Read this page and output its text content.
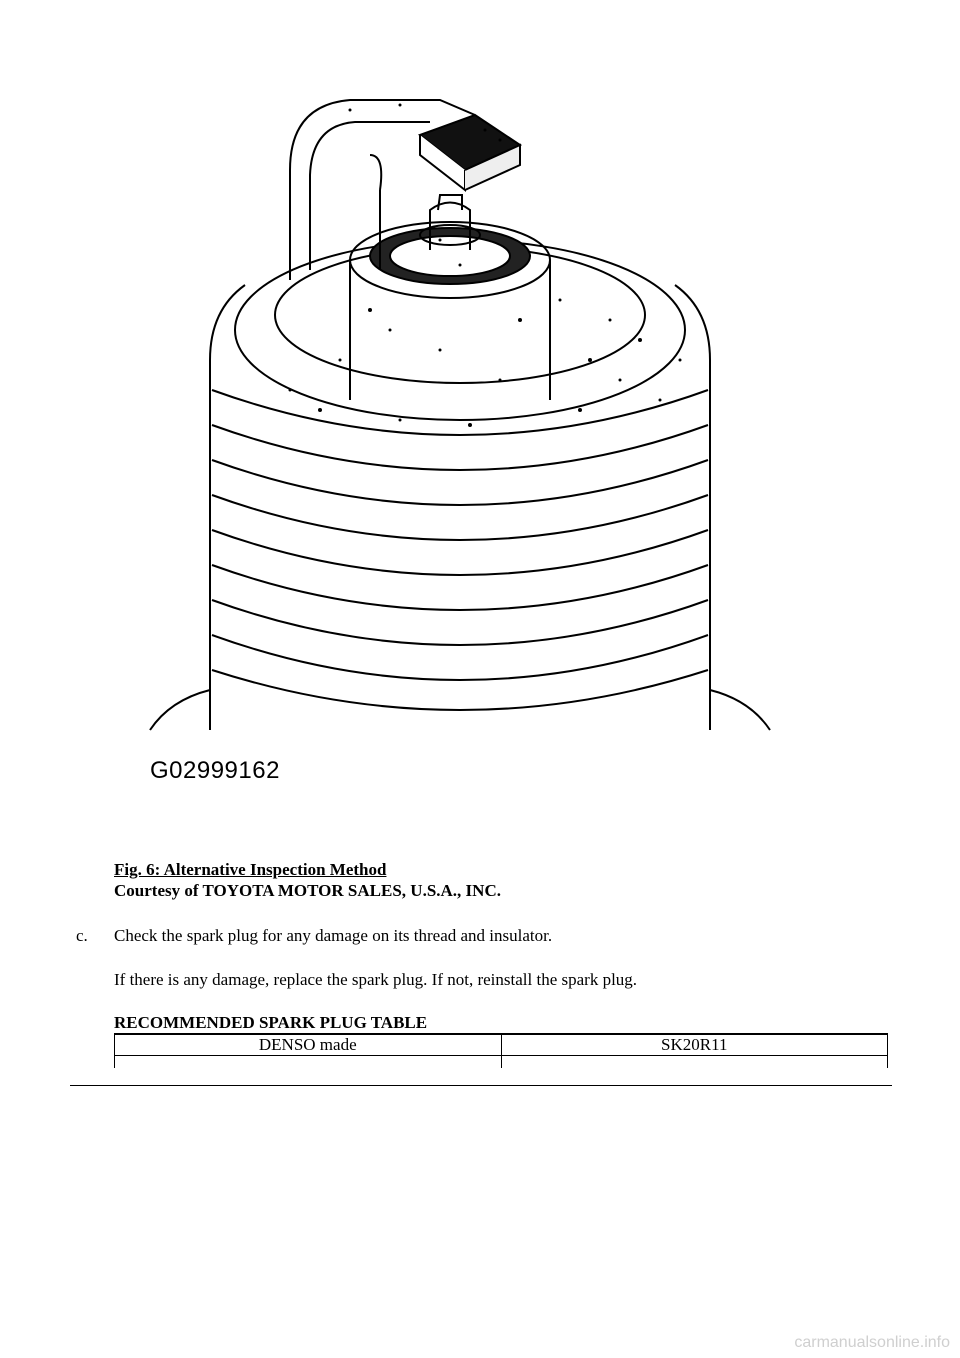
G02999162
Fig. 6: Alternative Inspection Method
Courtesy of TOYOTA MOTOR SALES, U.S.A., INC.
c. Check the spark plug for any damage on its thread and insulator.
If there is any damage, replace the spark plug. If not, reinstall the spark plug.
RECOMMENDED SPARK PLUG TABLE
DENSO made	SK20R11

carmanualsonline.info
